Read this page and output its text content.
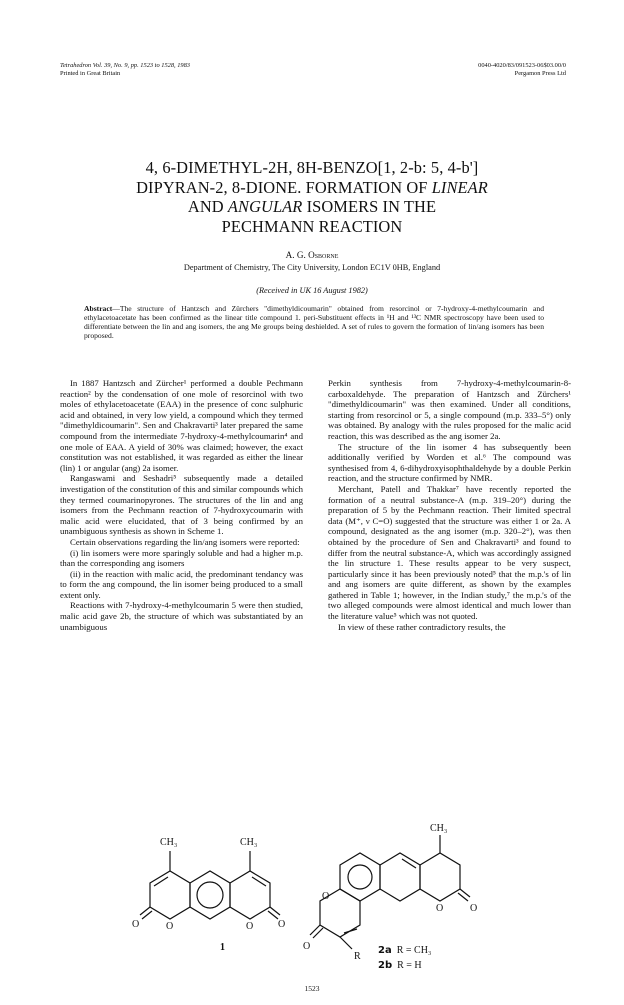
Tetrahedron Vol. 39, No. 9, pp. 1523 to 1528, 1983
Printed in Great Britain
0040-4020/83/091523-06$03.00/0
Pergamon Press Ltd
4, 6-DIMETHYL-2H, 8H-BENZO[1, 2-b: 5, 4-b']
DIPYRAN-2, 8-DIONE. FORMATION OF LINEAR
AND ANGULAR ISOMERS IN THE
PECHMANN REACTION
A. G. Osborne
Department of Chemistry, The City University, London EC1V 0HB, England
(Received in UK 16 August 1982)
Abstract—The structure of Hantzsch and Zürchers "dimethyldicoumarin" obtained from resorcinol or 7-hydroxy-4-methylcoumarin and ethylacetoacetate has been confirmed as the linear title compound 1. peri-Substituent effects in ¹H and ¹³C NMR spectroscopy have been used to differentiate between the lin and ang isomers, the ang Me groups being deshielded. A set of rules to govern the formation of lin/ang isomers has been proposed.

In 1887 Hantzsch and Zürcher¹ performed a double Pechmann reaction² by the condensation of one mole of resorcinol with two moles of ethylacetoacetate (EAA) in the presence of conc sulphuric acid and obtained, in very low yield, a compound which they termed "dimethyldicoumarin". Sen and Chakravarti³ later prepared the same compound from the intermediate 7-hydroxy-4-methylcoumarin⁴ and one mole of EAA. A yield of 30% was claimed; however, the exact constitution was not established, it was regarded as either the linear (lin) 1 or angular (ang) 2a isomer.

Rangaswami and Seshadri⁵ subsequently made a detailed investigation of the constitution of this and similar compounds which they termed coumarinopyrones. The structures of the lin and ang isomers from the Pechmann reaction of 7-hydroxycoumarin with malic acid were elucidated, that of 3 being confirmed by an unambiguous synthesis as shown in Scheme 1.

Certain observations regarding the lin/ang isomers were reported:

(i) lin isomers were more sparingly soluble and had a higher m.p. than the corresponding ang isomers

(ii) in the reaction with malic acid, the predominant tendancy was to form the ang compound, the lin isomer being produced to a small extent only.

Reactions with 7-hydroxy-4-methylcoumarin 5 were then studied, malic acid gave 2b, the structure of which was substantiated by an unambiguous

Perkin synthesis from 7-hydroxy-4-methylcoumarin-8-carboxaldehyde. The preparation of Hantzsch and Zürchers¹ "dimethyldicoumarin" was then examined. Under all conditions, starting from resorcinol or 5, a single compound (m.p. 333–5°) only was obtained. By analogy with the rules proposed for the malic acid reaction, this was described as the ang isomer 2a.

The structure of the lin isomer 4 has subsequently been additionally verified by Worden et al.⁶ The compound was synthesised from 4, 6-dihydroxyisophthaldehyde by a double Perkin reaction, and the structure confirmed by NMR.

Merchant, Patell and Thakkar⁷ have recently reported the formation of a neutral substance-A (m.p. 319–20°) during the preparation of 5 by the Pechmann reaction. Their limited spectral data (M⁺, ν C=O) suggested that the structure was either 1 or 2a. A compound, designated as the ang isomer (m.p. 320–2°), was then obtained by the procedure of Sen and Chakravarti³ and found to differ from the neutral substance-A, which was accordingly assigned the lin structure 1. These results appear to be very suspect, particularly since it has been previously noted⁵ that the m.p.'s of lin and ang isomers are quite different, as shown by the examples gathered in Table 1; however, in the Indian study,⁷ the m.p.'s of the two alleged compounds were almost identical and much lower than the literature value⁵ which was not quoted.

In view of these rather contradictory results, the

CH₃	CH₃
O	O	O O
CH₃
O	O
O
O
R
1	2a R = CH₃
2b R = H
1523
